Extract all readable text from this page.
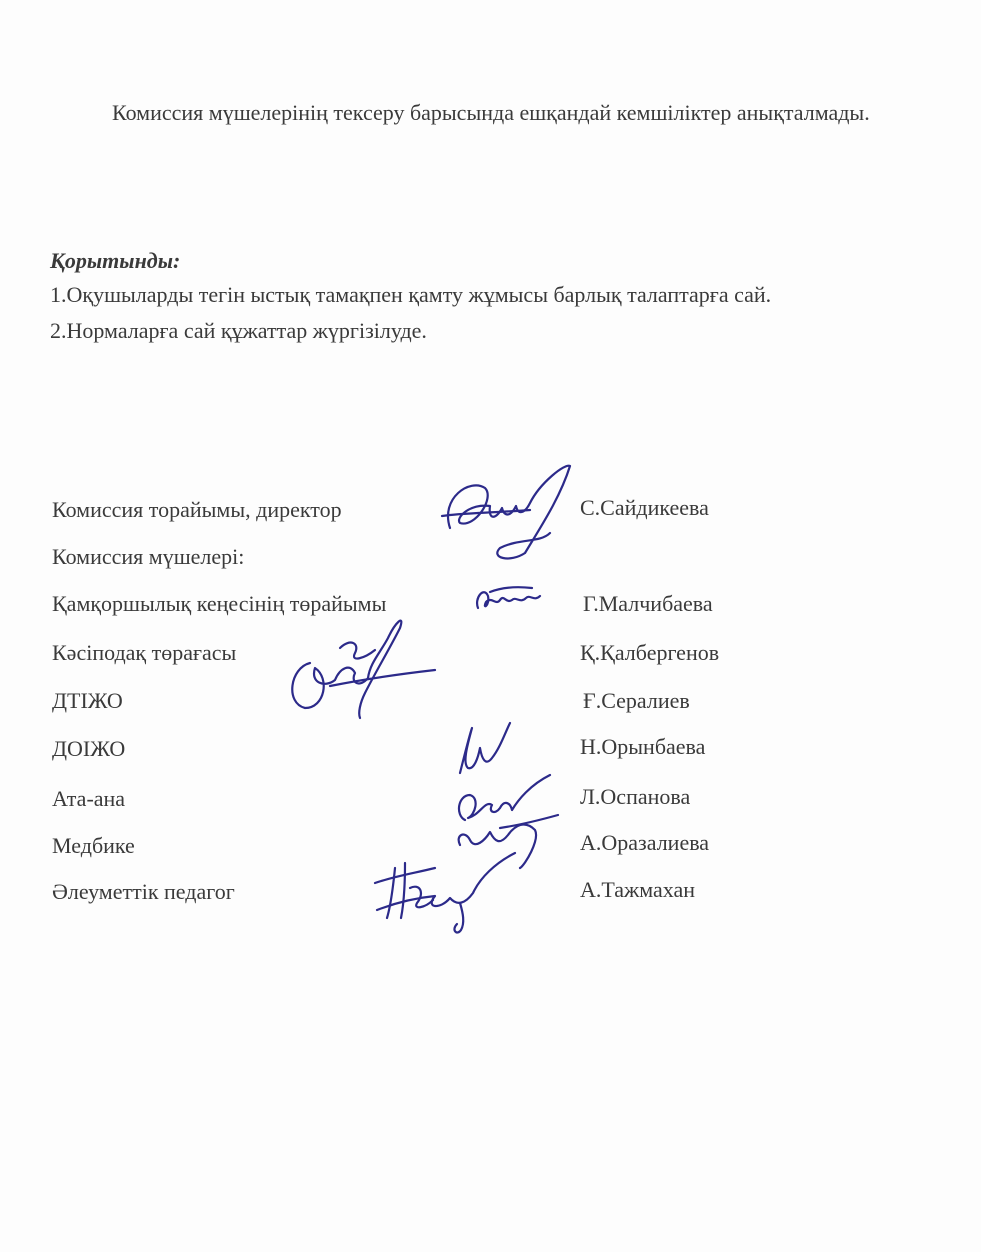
Комиссия мүшелерінің тексеру барысында ешқандай кемшіліктер анықталмады.

Қорытынды:

1.Оқушыларды тегін ыстық тамақпен қамту жұмысы барлық талаптарға сай.

2.Нормаларға сай құжаттар жүргізілуде.

Комиссия торайымы, директор

Комиссия мүшелері:

Қамқоршылық кеңесінің төрайымы

Кәсіподақ төрағасы

ДТІЖО

ДОІЖО

Ата-ана

Медбике

Әлеуметтік педагог

С.Сайдикеева

Г.Малчибаева

Қ.Қалбергенов

Ғ.Сералиев

Н.Орынбаева

Л.Оспанова

А.Оразалиева

А.Тажмахан
